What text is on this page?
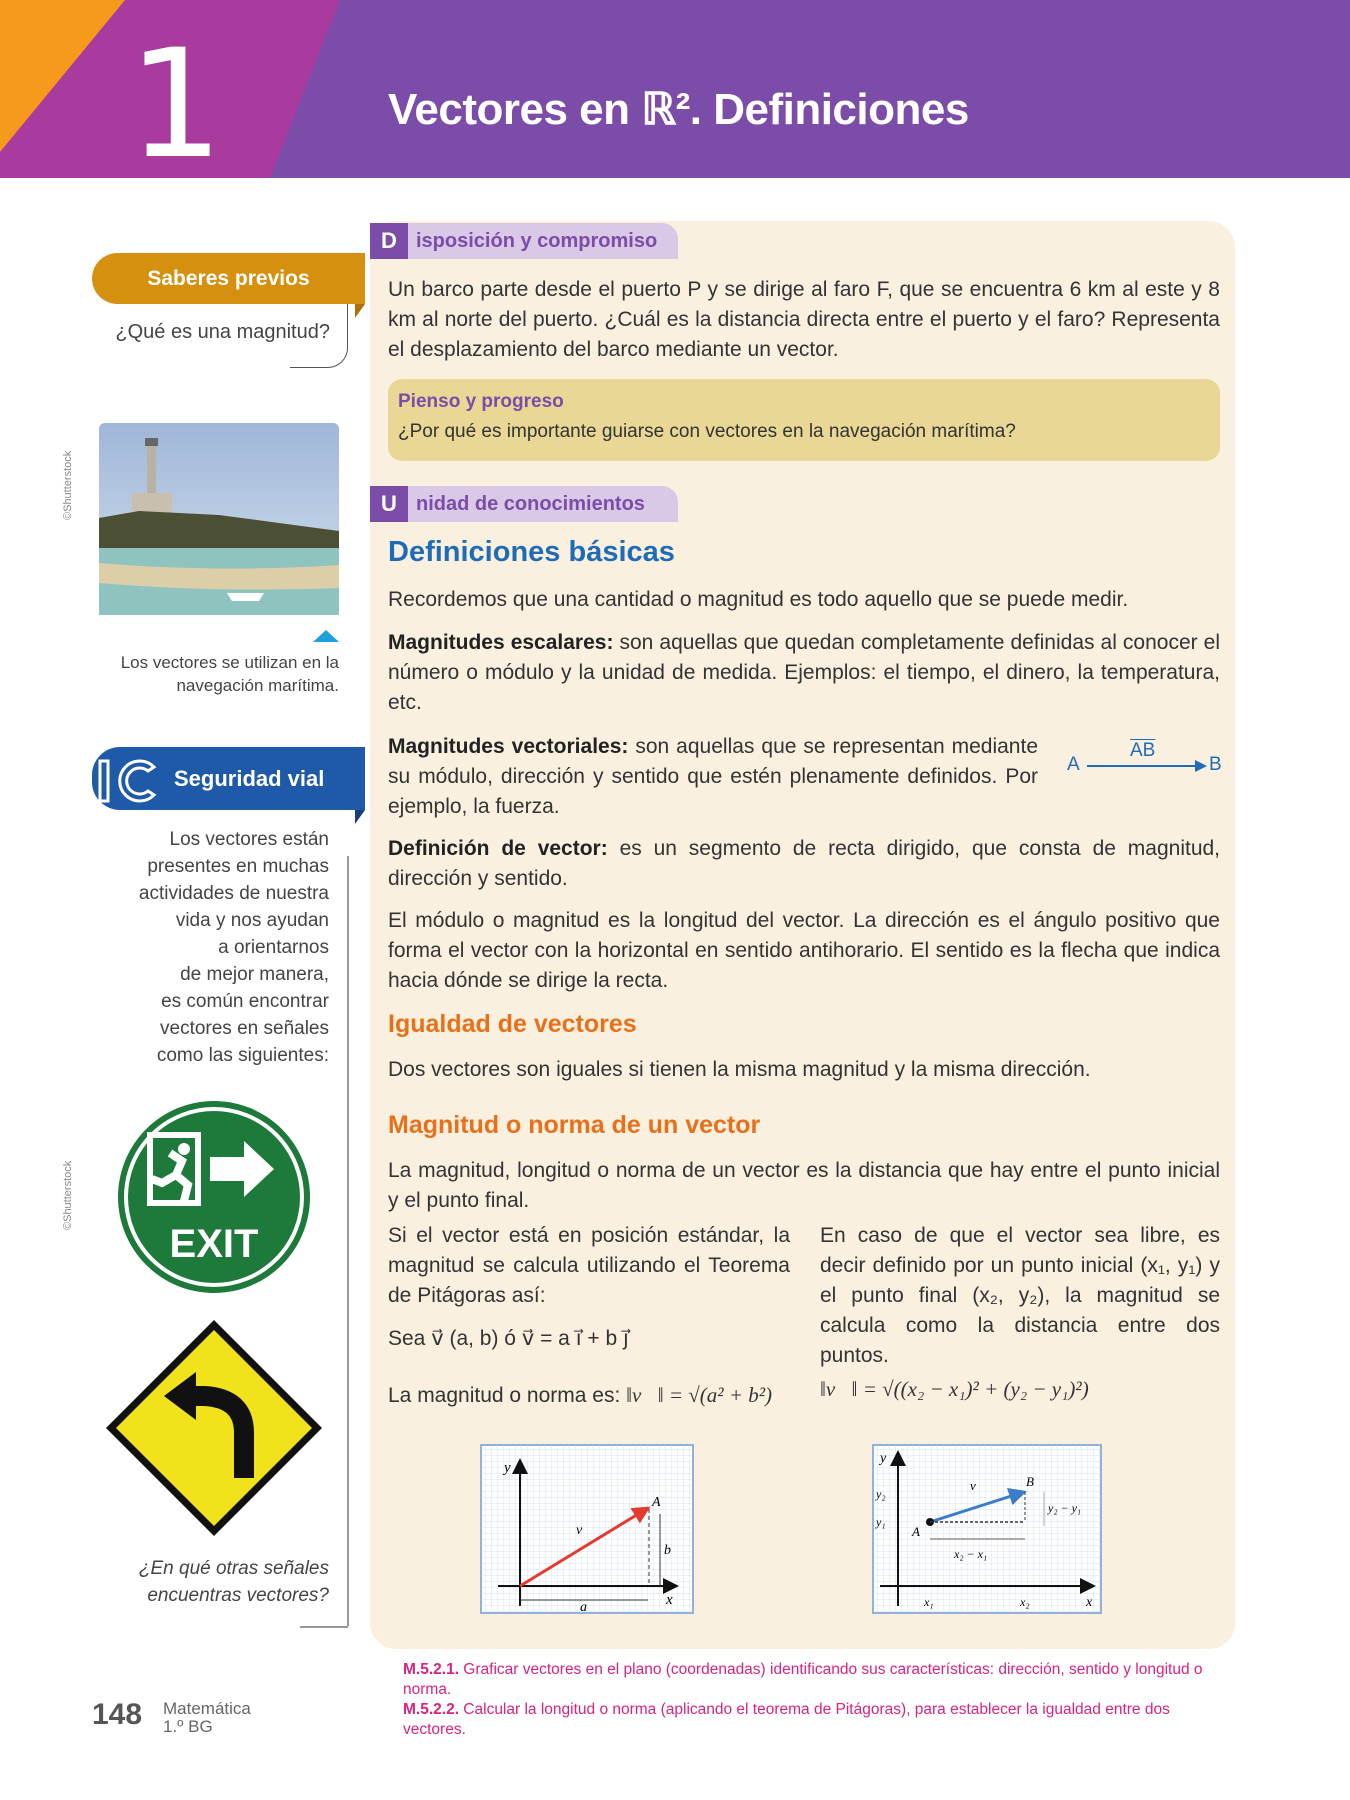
1	Vectores en ℝ². Definiciones
Saberes previos
¿Qué es una magnitud?
©Shutterstock
Los vectores se utilizan en la
navegación marítima.
Seguridad vial
Los vectores están
presentes en muchas
actividades de nuestra
vida y nos ayudan
a orientarnos
de mejor manera,
es común encontrar
vectores en señales
como las siguientes:
©Shutterstock
EXIT
¿En qué otras señales
encuentras vectores?
148 Matemática
1.º BG
D isposición y compromiso
Un barco parte desde el puerto P y se dirige al faro F, que se encuentra 6 km al este y 8 km al norte del puerto. ¿Cuál es la distancia directa entre el puerto y el faro? Representa el desplazamiento del barco mediante un vector.
Pienso y progreso
¿Por qué es importante guiarse con vectores en la navegación marítima?
U nidad de conocimientos
Definiciones básicas
Recordemos que una cantidad o magnitud es todo aquello que se puede medir.
Magnitudes escalares: son aquellas que quedan completamente definidas al conocer el número o módulo y la unidad de medida. Ejemplos: el tiempo, el dinero, la temperatura, etc.
Magnitudes vectoriales: son aquellas que se representan mediante su módulo, dirección y sentido que estén plenamente definidos. Por ejemplo, la fuerza.
A
$\overline{AB}$
B
Definición de vector: es un segmento de recta dirigido, que consta de magnitud, dirección y sentido.
El módulo o magnitud es la longitud del vector. La dirección es el ángulo positivo que forma el vector con la horizontal en sentido antihorario. El sentido es la flecha que indica hacia dónde se dirige la recta.
Igualdad de vectores
Dos vectores son iguales si tienen la misma magnitud y la misma dirección.
Magnitud o norma de un vector
La magnitud, longitud o norma de un vector es la distancia que hay entre el punto inicial y el punto final.
Si el vector está en posición estándar, la magnitud se calcula utilizando el Teorema de Pitágoras así:
Sea v⃗ (a, b) ó v⃗ = a i⃗ + b j⃗
La magnitud o norma es: ‖v⃗‖ = √(a² + b²)
En caso de que el vector sea libre, es decir definido por un punto inicial (x₁, y₁) y el punto final (x₂, y₂), la magnitud se calcula como la distancia entre dos puntos.
‖v⃗‖ = √((x₂ − x₁)² + (y₂ − y₁)²)
y
x
A
v⃗
a
b
y
x
A
B
v⃗
y₂
y₁
x₁	x₂
x₂ − x₁
y₂ − y₁
M.5.2.1. Graficar vectores en el plano (coordenadas) identificando sus características: dirección, sentido y longitud o norma.
M.5.2.2. Calcular la longitud o norma (aplicando el teorema de Pitágoras), para establecer la igualdad entre dos vectores.
